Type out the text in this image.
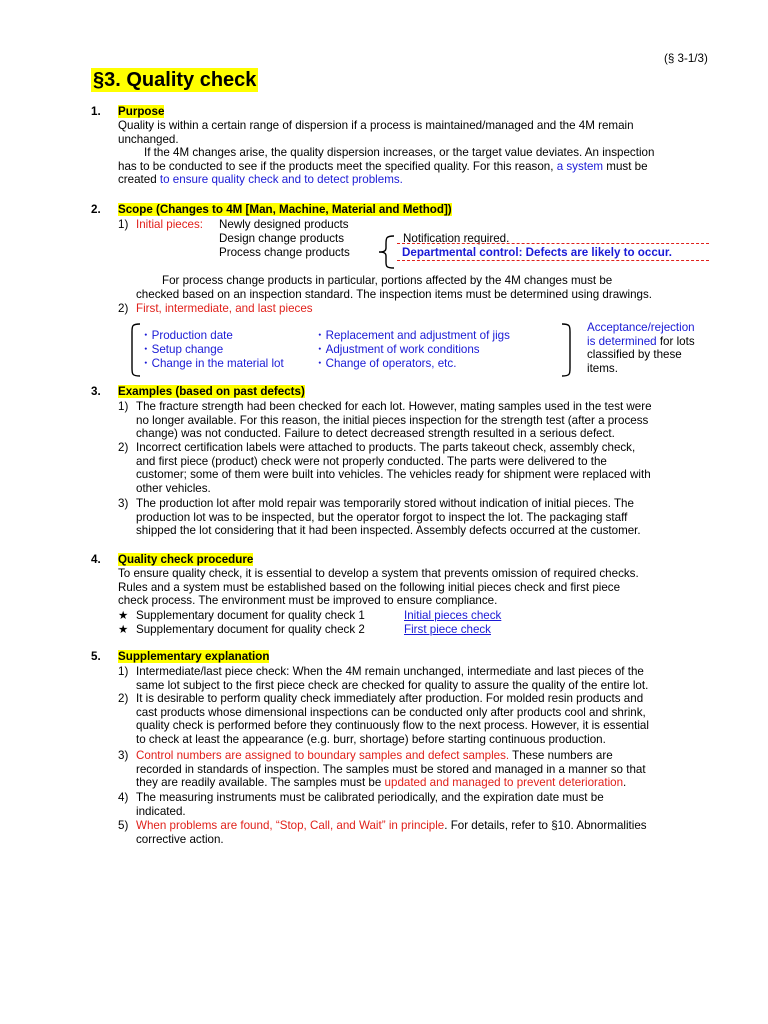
(§ 3-1/3)
§3. Quality check
1. Purpose
Quality is within a certain range of dispersion if a process is maintained/managed and the 4M remain
unchanged.
If the 4M changes arise, the quality dispersion increases, or the target value deviates. An inspection
has to be conducted to see if the products meet the specified quality. For this reason, a system must be
created to ensure quality check and to detect problems.
2. Scope (Changes to 4M [Man, Machine, Material and Method])
1) Initial pieces: Newly designed products
Design change products
Process change products
Notification required.
Departmental control: Defects are likely to occur.
For process change products in particular, portions affected by the 4M changes must be
checked based on an inspection standard. The inspection items must be determined using drawings.
2) First, intermediate, and last pieces
・Production date
・Setup change
・Change in the material lot
・Replacement and adjustment of jigs
・Adjustment of work conditions
・Change of operators, etc.
Acceptance/rejection
is determined for lots
classified by these
items.
3. Examples (based on past defects)
1) The fracture strength had been checked for each lot. However, mating samples used in the test were
no longer available. For this reason, the initial pieces inspection for the strength test (after a process
change) was not conducted. Failure to detect decreased strength resulted in a serious defect.
2) Incorrect certification labels were attached to products. The parts takeout check, assembly check,
and first piece (product) check were not properly conducted. The parts were delivered to the
customer; some of them were built into vehicles. The vehicles ready for shipment were replaced with
other vehicles.
3) The production lot after mold repair was temporarily stored without indication of initial pieces. The
production lot was to be inspected, but the operator forgot to inspect the lot. The packaging staff
shipped the lot considering that it had been inspected. Assembly defects occurred at the customer.
4. Quality check procedure
To ensure quality check, it is essential to develop a system that prevents omission of required checks.
Rules and a system must be established based on the following initial pieces check and first piece
check process. The environment must be improved to ensure compliance.
★ Supplementary document for quality check 1	Initial pieces check
★ Supplementary document for quality check 2	First piece check
5. Supplementary explanation
1) Intermediate/last piece check: When the 4M remain unchanged, intermediate and last pieces of the
same lot subject to the first piece check are checked for quality to assure the quality of the entire lot.
2) It is desirable to perform quality check immediately after production. For molded resin products and
cast products whose dimensional inspections can be conducted only after products cool and shrink,
quality check is performed before they continuously flow to the next process. However, it is essential
to check at least the appearance (e.g. burr, shortage) before starting continuous production.
3) Control numbers are assigned to boundary samples and defect samples. These numbers are
recorded in standards of inspection. The samples must be stored and managed in a manner so that
they are readily available. The samples must be updated and managed to prevent deterioration.
4) The measuring instruments must be calibrated periodically, and the expiration date must be
indicated.
5) When problems are found, “Stop, Call, and Wait” in principle. For details, refer to §10. Abnormalities
corrective action.
